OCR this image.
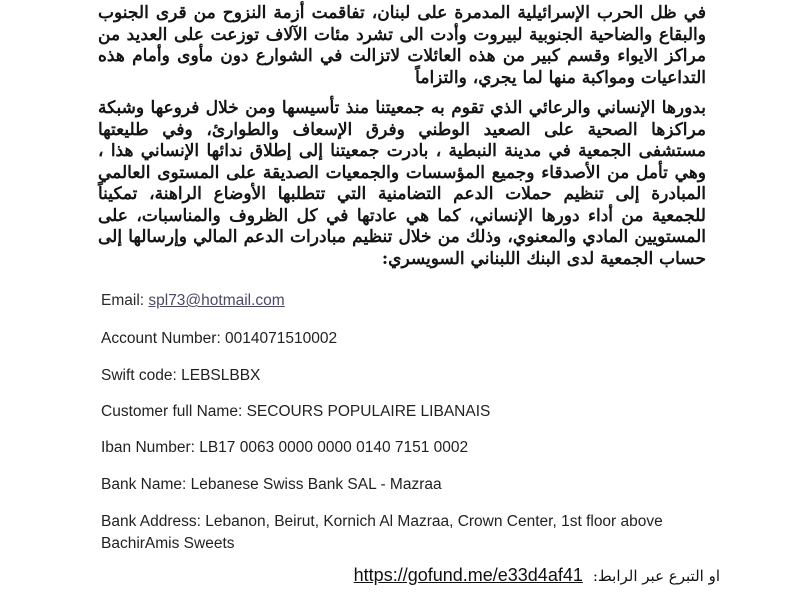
في ظل الحرب الإسرائيلية المدمرة على لبنان، تفاقمت أزمة النزوح من قرى الجنوب والبقاع والضاحية الجنوبية لبيروت وأدت الى تشرد مئات الآلاف توزعت على العديد من مراكز الايواء وقسم كبير من هذه العائلات لاتزالت في الشوارع دون مأوى وأمام هذه التداعيات ومواكبة منها لما يجري، والتزاماً

بدورها الإنساني والرعائي الذي تقوم به جمعيتنا منذ تأسيسها ومن خلال فروعها وشبكة مراكزها الصحية على الصعيد الوطني وفرق الإسعاف والطوارئ، وفي طليعتها مستشفى الجمعية في مدينة النبطية ، بادرت جمعيتنا إلى إطلاق ندائها الإنساني هذا ، وهي تأمل من الأصدقاء وجميع المؤسسات والجمعيات الصديقة على المستوى العالمي المبادرة إلى تنظيم حملات الدعم التضامنية التي تتطلبها الأوضاع الراهنة، تمكيناً للجمعية من أداء دورها الإنساني، كما هي عادتها في كل الظروف والمناسبات، على المستويين المادي والمعنوي، وذلك من خلال تنظيم مبادرات الدعم المالي وإرسالها إلى حساب الجمعية لدى البنك اللبناني السويسري:

Email: spl73@hotmail.com
Account Number: 0014071510002
Swift code: LEBSLBBX
Customer full Name: SECOURS POPULAIRE LIBANAIS
Iban Number: LB17 0063 0000 0000 0140 7151 0002
Bank Name: Lebanese Swiss Bank SAL - Mazraa
Bank Address: Lebanon, Beirut, Kornich Al Mazraa, Crown Center, 1st floor above BachirAmis Sweets
https://gofund.me/e33d4af41 او التبرع عبر الرابط:
